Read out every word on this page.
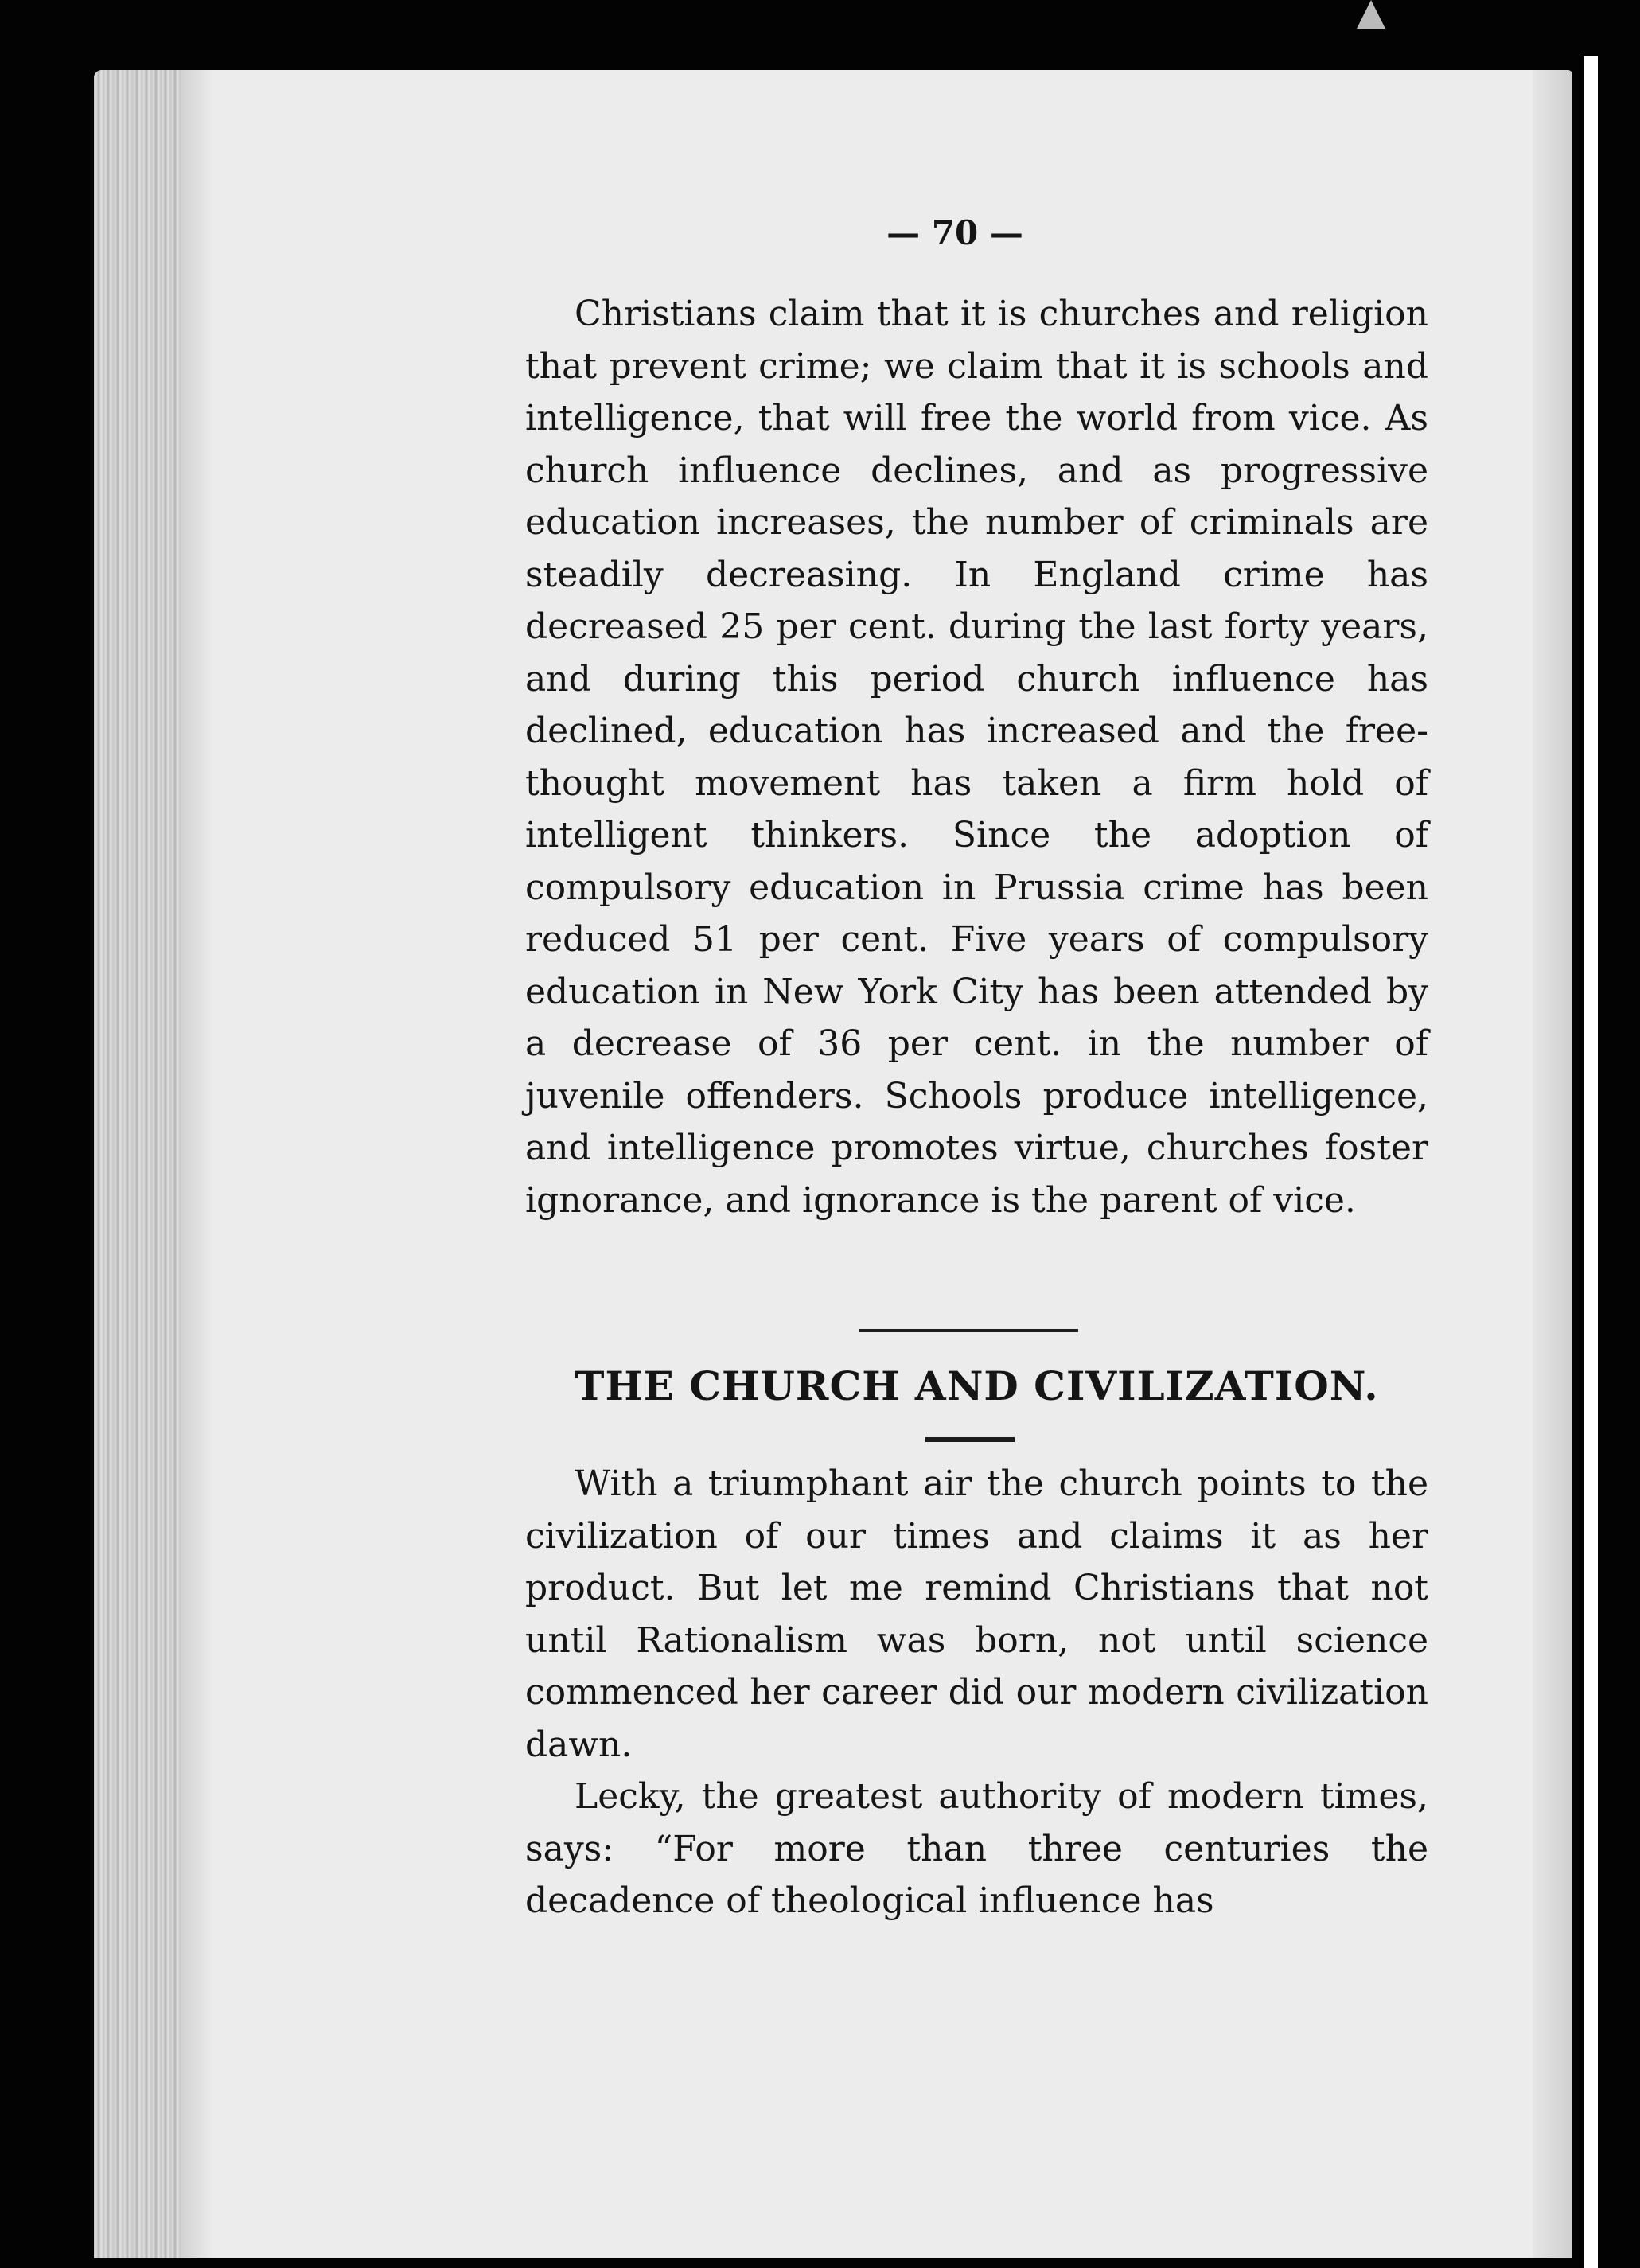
— 70 —

Christians claim that it is churches and religion that prevent crime; we claim that it is schools and intelligence, that will free the world from vice. As church influence declines, and as progressive education increases, the number of criminals are steadily decreasing. In England crime has decreased 25 per cent. during the last forty years, and during this period church influence has declined, education has increased and the free-thought movement has taken a firm hold of intelligent thinkers. Since the adoption of compulsory education in Prussia crime has been reduced 51 per cent. Five years of compulsory education in New York City has been attended by a decrease of 36 per cent. in the number of juvenile offenders. Schools produce intelligence, and intelligence promotes virtue, churches foster ignorance, and ignorance is the parent of vice.

THE CHURCH AND CIVILIZATION.

With a triumphant air the church points to the civilization of our times and claims it as her product. But let me remind Christians that not until Rationalism was born, not until science commenced her career did our modern civilization dawn.

Lecky, the greatest authority of modern times, says: “For more than three centuries the decadence of theological influence has
